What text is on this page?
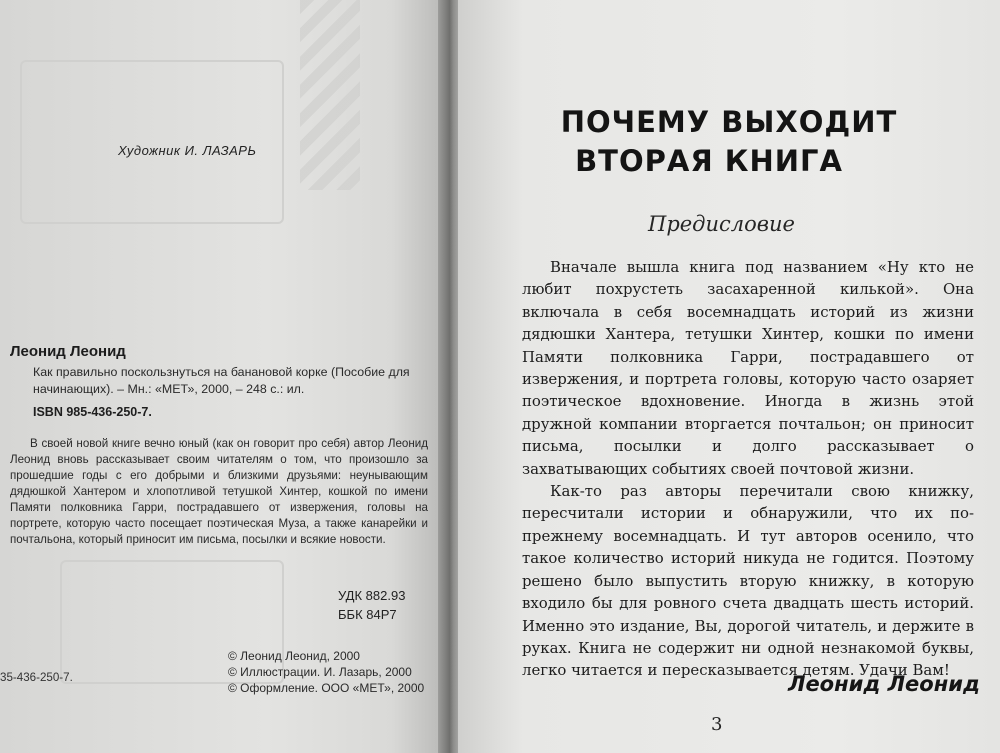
Художник И. ЛАЗАРЬ
Леонид Леонид
Как правильно поскользнуться на банановой корке (Пособие для начинающих). – Мн.: «МЕТ», 2000, – 248 с.: ил.
ISBN 985-436-250-7.
В своей новой книге вечно юный (как он говорит про себя) автор Леонид Леонид вновь рассказывает своим читателям о том, что произошло за прошедшие годы с его добрыми и близкими друзьями: неунывающим дядюшкой Хантером и хлопотливой тетушкой Хинтер, кошкой по имени Памяти полковника Гарри, пострадавшего от извержения, головы на портрете, которую часто посещает поэтическая Муза, а также канарейки и почтальона, который приносит им письма, посылки и всякие новости.
УДК 882.93
ББК 84Р7
35-436-250-7.
© Леонид Леонид, 2000
© Иллюстрации. И. Лазарь, 2000
© Оформление. ООО «МЕТ», 2000
ПОЧЕМУ ВЫХОДИТ
ВТОРАЯ КНИГА
Предисловие

Вначале вышла книга под названием «Ну кто не любит похрустеть засахаренной килькой». Она включала в себя восемнадцать историй из жизни дядюшки Хантера, тетушки Хинтер, кошки по имени Памяти полковника Гарри, пострадавшего от извержения, и портрета головы, которую часто озаряет поэтическое вдохновение. Иногда в жизнь этой дружной компании вторгается почтальон; он приносит письма, посылки и долго рассказывает о захватывающих событиях своей почтовой жизни.

Как-то раз авторы перечитали свою книжку, пересчитали истории и обнаружили, что их по-прежнему восемнадцать. И тут авторов осенило, что такое количество историй никуда не годится. Поэтому решено было выпустить вторую книжку, в которую входило бы для ровного счета двадцать шесть историй. Именно это издание, Вы, дорогой читатель, и держите в руках. Книга не содержит ни одной незнакомой буквы, легко читается и пересказывается детям. Удачи Вам!

Леонид Леонид
3
